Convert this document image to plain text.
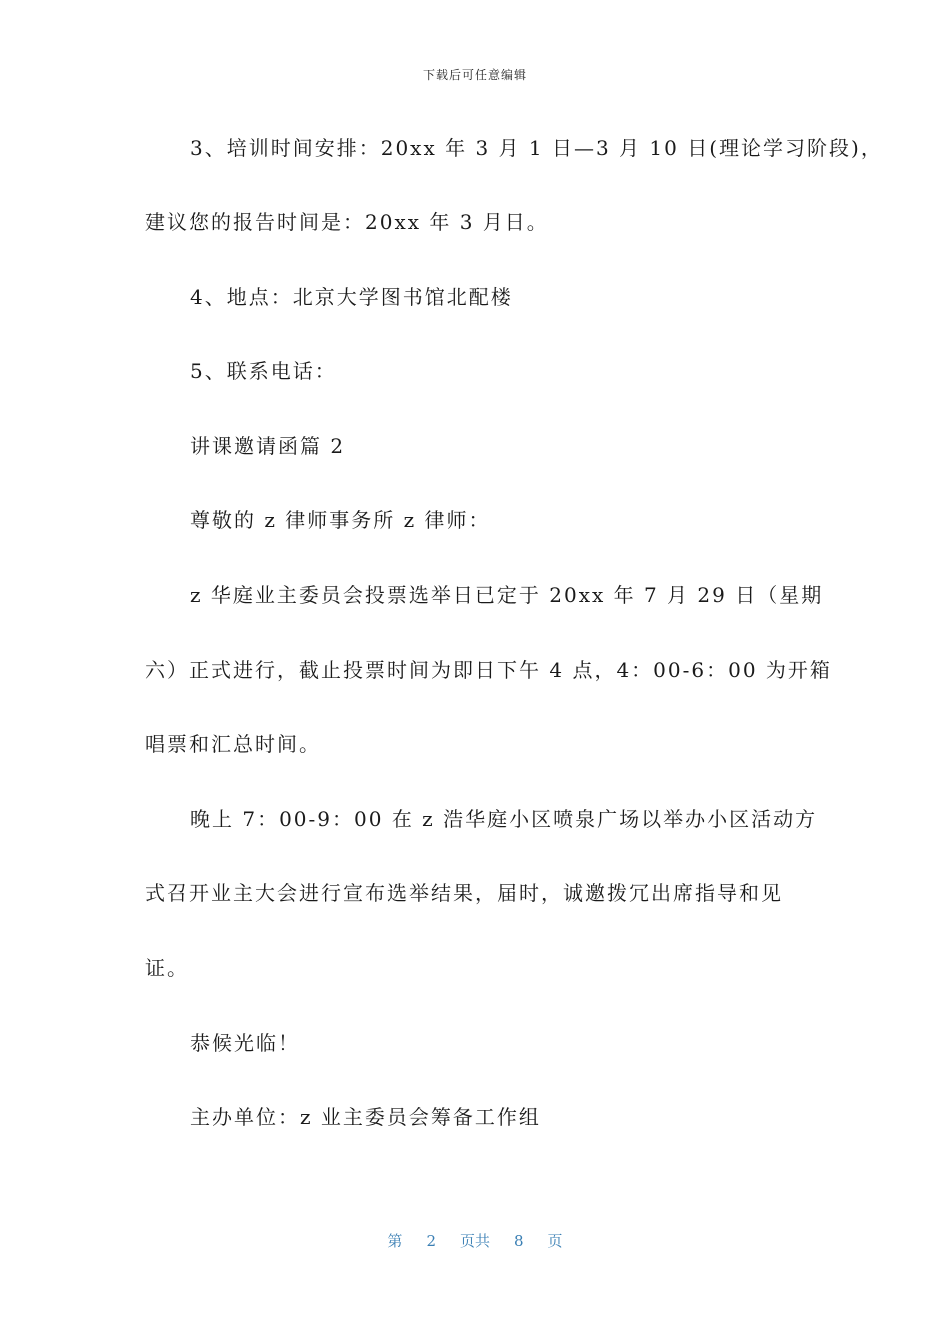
下载后可任意编辑
3、培训时间安排：20xx 年 3 月 1 日—3 月 10 日(理论学习阶段)，
建议您的报告时间是：20xx 年 3 月日。
4、地点：北京大学图书馆北配楼
5、联系电话：
讲课邀请函篇 2
尊敬的 z 律师事务所 z 律师：
z 华庭业主委员会投票选举日已定于 20xx 年 7 月 29 日（星期
六）正式进行，截止投票时间为即日下午 4 点，4：00-6：00 为开箱
唱票和汇总时间。
晚上 7：00-9：00 在 z 浩华庭小区喷泉广场以举办小区活动方
式召开业主大会进行宣布选举结果，届时，诚邀拨冗出席指导和见
证。
恭候光临！
主办单位：z 业主委员会筹备工作组
第 2 页共 8 页
